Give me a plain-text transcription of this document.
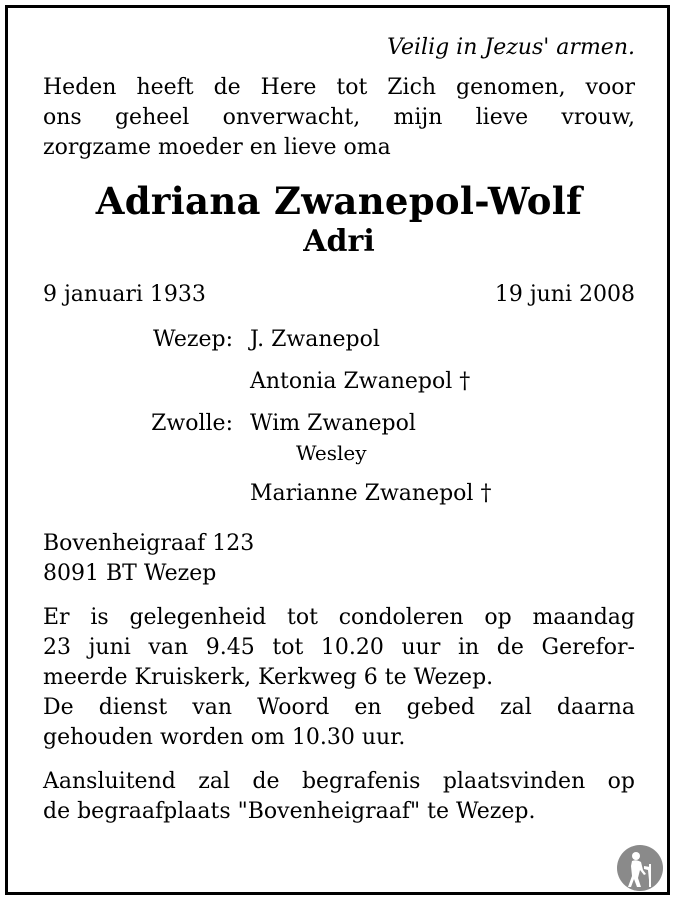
Veilig in Jezus' armen.
Heden heeft de Here tot Zich genomen, voor
ons geheel onverwacht, mijn lieve vrouw,
zorgzame moeder en lieve oma
Adriana Zwanepol-Wolf
Adri
9 januari 1933	19 juni 2008
Wezep: J. Zwanepol
Antonia Zwanepol †
Zwolle: Wim Zwanepol
Wesley
Marianne Zwanepol †
Bovenheigraaf 123
8091 BT Wezep
Er is gelegenheid tot condoleren op maandag
23 juni van 9.45 tot 10.20 uur in de Gerefor-
meerde Kruiskerk, Kerkweg 6 te Wezep.
De dienst van Woord en gebed zal daarna
gehouden worden om 10.30 uur.
Aansluitend zal de begrafenis plaatsvinden op
de begraafplaats "Bovenheigraaf" te Wezep.
